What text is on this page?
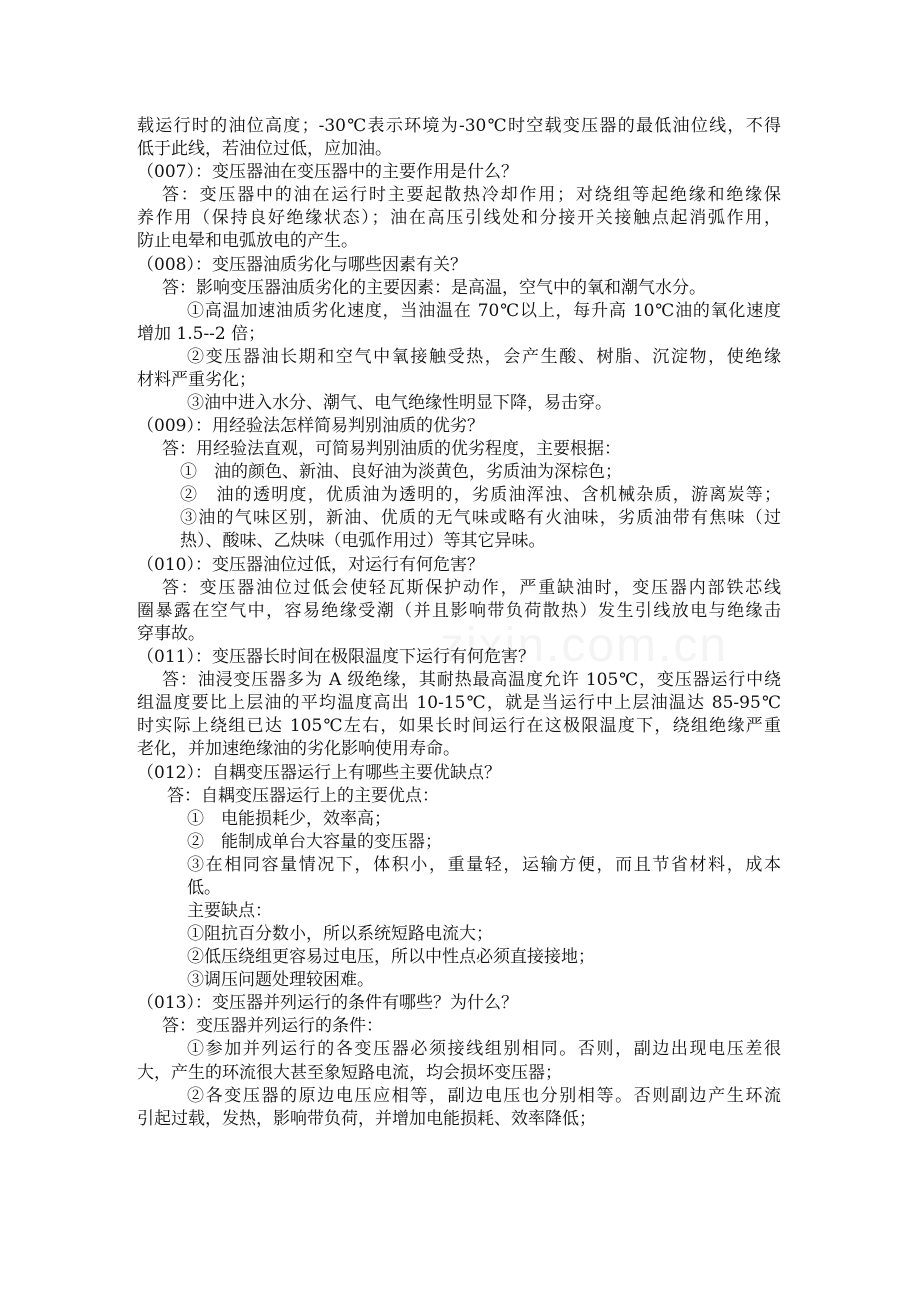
zixin.com.cn
载运行时的油位高度；-30℃表示环境为-30℃时空载变压器的最低油位线，不得
低于此线，若油位过低，应加油。
（007）：变压器油在变压器中的主要作用是什么？
答：变压器中的油在运行时主要起散热冷却作用；对绕组等起绝缘和绝缘保
养作用（保持良好绝缘状态）；油在高压引线处和分接开关接触点起消弧作用，
防止电晕和电弧放电的产生。
（008）：变压器油质劣化与哪些因素有关？
答：影响变压器油质劣化的主要因素：是高温，空气中的氧和潮气水分。
①高温加速油质劣化速度，当油温在 70℃以上，每升高 10℃油的氧化速度
增加 1.5--2 倍；
②变压器油长期和空气中氧接触受热，会产生酸、树脂、沉淀物，使绝缘
材料严重劣化；
③油中进入水分、潮气、电气绝缘性明显下降，易击穿。
（009）：用经验法怎样简易判别油质的优劣？
答：用经验法直观，可简易判别油质的优劣程度，主要根据：
①　油的颜色、新油、良好油为淡黄色，劣质油为深棕色；
②　油的透明度，优质油为透明的，劣质油浑浊、含机械杂质，游离炭等；
③油的气味区别，新油、优质的无气味或略有火油味，劣质油带有焦味（过
热）、酸味、乙炔味（电弧作用过）等其它异味。
（010）：变压器油位过低，对运行有何危害？
答：变压器油位过低会使轻瓦斯保护动作，严重缺油时，变压器内部铁芯线
圈暴露在空气中，容易绝缘受潮（并且影响带负荷散热）发生引线放电与绝缘击
穿事故。
（011）：变压器长时间在极限温度下运行有何危害？
答：油浸变压器多为 A 级绝缘，其耐热最高温度允许 105℃，变压器运行中绕
组温度要比上层油的平均温度高出 10-15℃，就是当运行中上层油温达 85-95℃
时实际上绕组已达 105℃左右，如果长时间运行在这极限温度下，绕组绝缘严重
老化，并加速绝缘油的劣化影响使用寿命。
（012）：自耦变压器运行上有哪些主要优缺点？
答：自耦变压器运行上的主要优点：
①　电能损耗少，效率高；
②　能制成单台大容量的变压器；
③在相同容量情况下，体积小，重量轻，运输方便，而且节省材料，成本
低。
主要缺点：
①阻抗百分数小，所以系统短路电流大；
②低压绕组更容易过电压，所以中性点必须直接接地；
③调压问题处理较困难。
（013）：变压器并列运行的条件有哪些？为什么？
答：变压器并列运行的条件：
①参加并列运行的各变压器必须接线组别相同。否则，副边出现电压差很
大，产生的环流很大甚至象短路电流，均会损坏变压器；
②各变压器的原边电压应相等，副边电压也分别相等。否则副边产生环流
引起过载，发热，影响带负荷，并增加电能损耗、效率降低；
